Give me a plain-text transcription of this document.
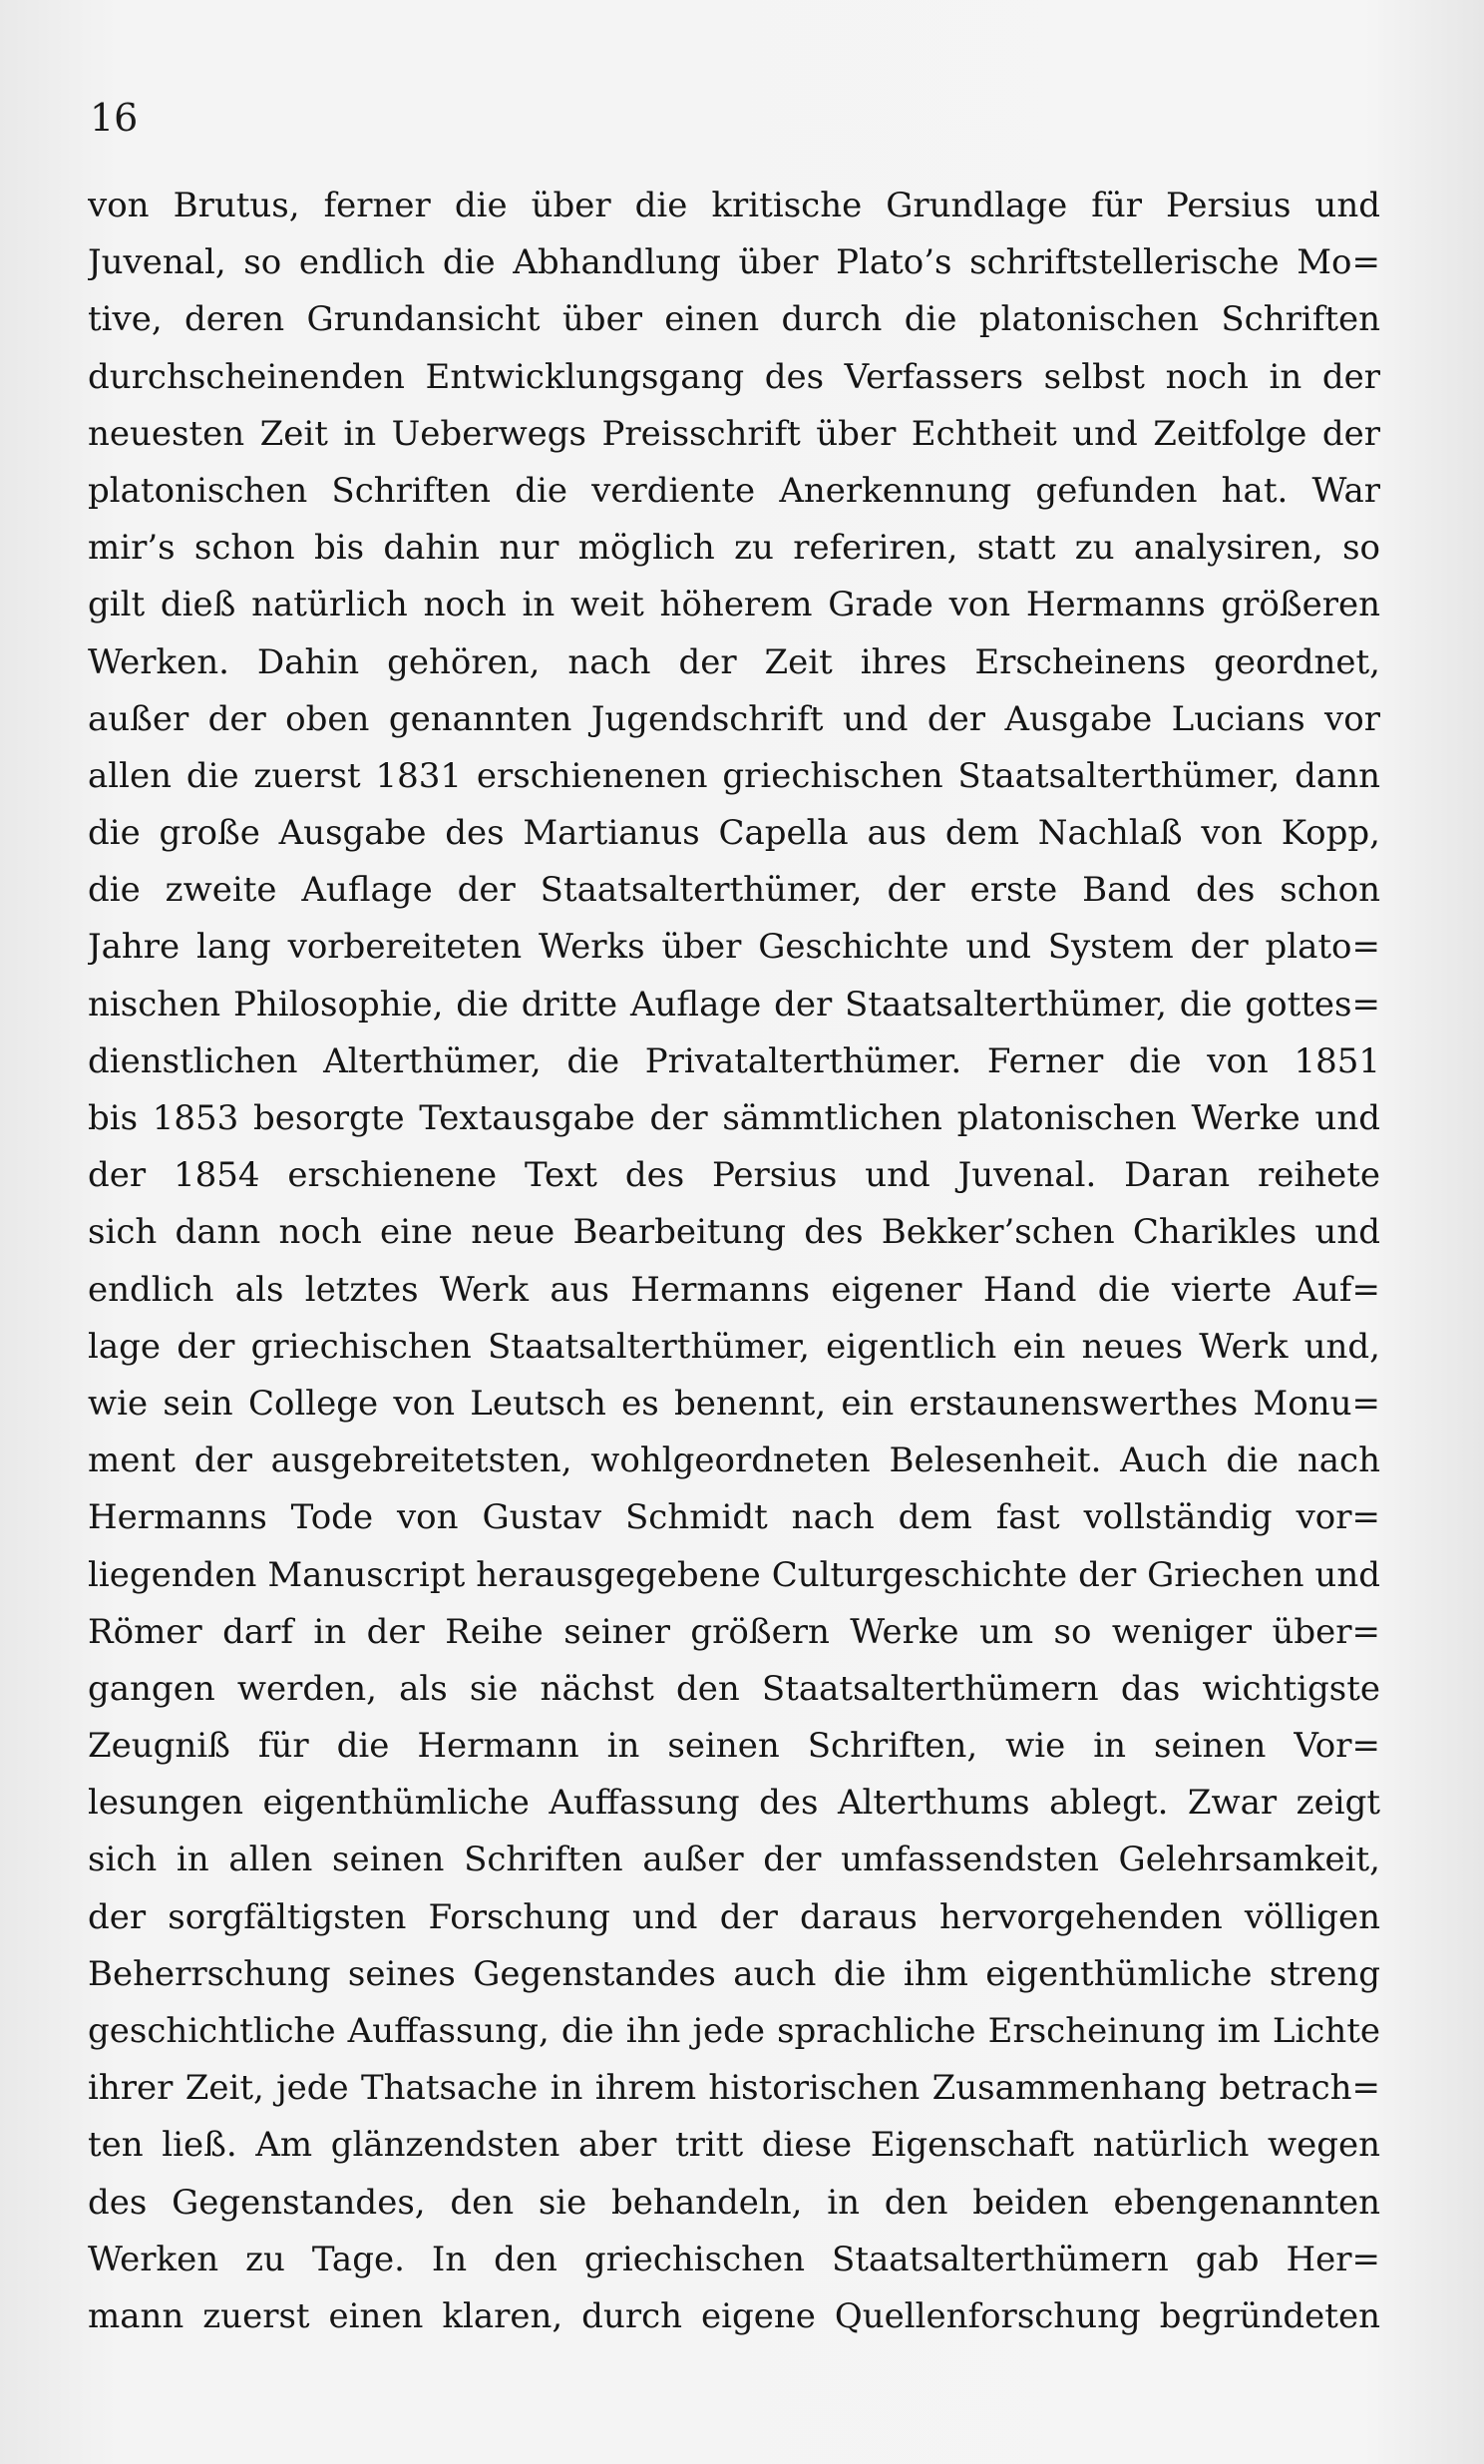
16
von Brutus, ferner die über die kritische Grundlage für Persius und
Juvenal, so endlich die Abhandlung über Plato’s schriftstellerische Mo=
tive, deren Grundansicht über einen durch die platonischen Schriften
durchscheinenden Entwicklungsgang des Verfassers selbst noch in der
neuesten Zeit in Ueberwegs Preisschrift über Echtheit und Zeitfolge der
platonischen Schriften die verdiente Anerkennung gefunden hat. War
mir’s schon bis dahin nur möglich zu referiren, statt zu analysiren, so
gilt dieß natürlich noch in weit höherem Grade von Hermanns größeren
Werken. Dahin gehören, nach der Zeit ihres Erscheinens geordnet,
außer der oben genannten Jugendschrift und der Ausgabe Lucians vor
allen die zuerst 1831 erschienenen griechischen Staatsalterthümer, dann
die große Ausgabe des Martianus Capella aus dem Nachlaß von Kopp,
die zweite Auflage der Staatsalterthümer, der erste Band des schon
Jahre lang vorbereiteten Werks über Geschichte und System der plato=
nischen Philosophie, die dritte Auflage der Staatsalterthümer, die gottes=
dienstlichen Alterthümer, die Privatalterthümer. Ferner die von 1851
bis 1853 besorgte Textausgabe der sämmtlichen platonischen Werke und
der 1854 erschienene Text des Persius und Juvenal. Daran reihete
sich dann noch eine neue Bearbeitung des Bekker’schen Charikles und
endlich als letztes Werk aus Hermanns eigener Hand die vierte Auf=
lage der griechischen Staatsalterthümer, eigentlich ein neues Werk und,
wie sein College von Leutsch es benennt, ein erstaunenswerthes Monu=
ment der ausgebreitetsten, wohlgeordneten Belesenheit. Auch die nach
Hermanns Tode von Gustav Schmidt nach dem fast vollständig vor=
liegenden Manuscript herausgegebene Culturgeschichte der Griechen und
Römer darf in der Reihe seiner größern Werke um so weniger über=
gangen werden, als sie nächst den Staatsalterthümern das wichtigste
Zeugniß für die Hermann in seinen Schriften, wie in seinen Vor=
lesungen eigenthümliche Auffassung des Alterthums ablegt. Zwar zeigt
sich in allen seinen Schriften außer der umfassendsten Gelehrsamkeit,
der sorgfältigsten Forschung und der daraus hervorgehenden völligen
Beherrschung seines Gegenstandes auch die ihm eigenthümliche streng
geschichtliche Auffassung, die ihn jede sprachliche Erscheinung im Lichte
ihrer Zeit, jede Thatsache in ihrem historischen Zusammenhang betrach=
ten ließ. Am glänzendsten aber tritt diese Eigenschaft natürlich wegen
des Gegenstandes, den sie behandeln, in den beiden ebengenannten
Werken zu Tage. In den griechischen Staatsalterthümern gab Her=
mann zuerst einen klaren, durch eigene Quellenforschung begründeten
